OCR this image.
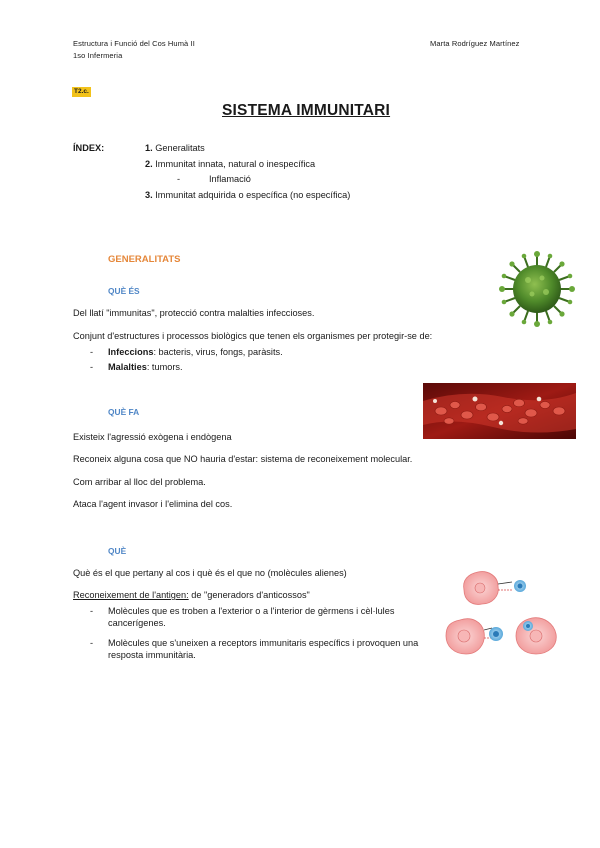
Estructura i Funció del Cos Humà II
1so Infermeria
Marta Rodríguez Martínez
T2.c.
SISTEMA IMMUNITARI
ÍNDEX:	1. Generalitats
2. Immunitat innata, natural o inespecífica
-	Inflamació
3. Immunitat adquirida o específica (no específica)
GENERALITATS
QUÈ ÉS
Del llatí "immunitas", protecció contra malalties infeccioses.
Conjunt d'estructures i processos biològics que tenen els organismes per protegir-se de:
- Infeccions: bacteris, virus, fongs, paràsits.
- Malalties: tumors.
QUÈ FA
Existeix l'agressió exògena i endògena
Reconeix alguna cosa que NO hauria d'estar: sistema de reconeixement molecular.
Com arribar al lloc del problema.
Ataca l'agent invasor i l'elimina del cos.
QUÈ
Què és el que pertany al cos i què és el que no (molècules alienes)
Reconeixement de l'antigen: de "generadors d'anticossos"
-	Molècules que es troben a l'exterior o a l'interior de gèrmens i cèl·lules cancerígenes.
-	Molècules que s'uneixen a receptors immunitaris específics i provoquen una resposta immunitària.
